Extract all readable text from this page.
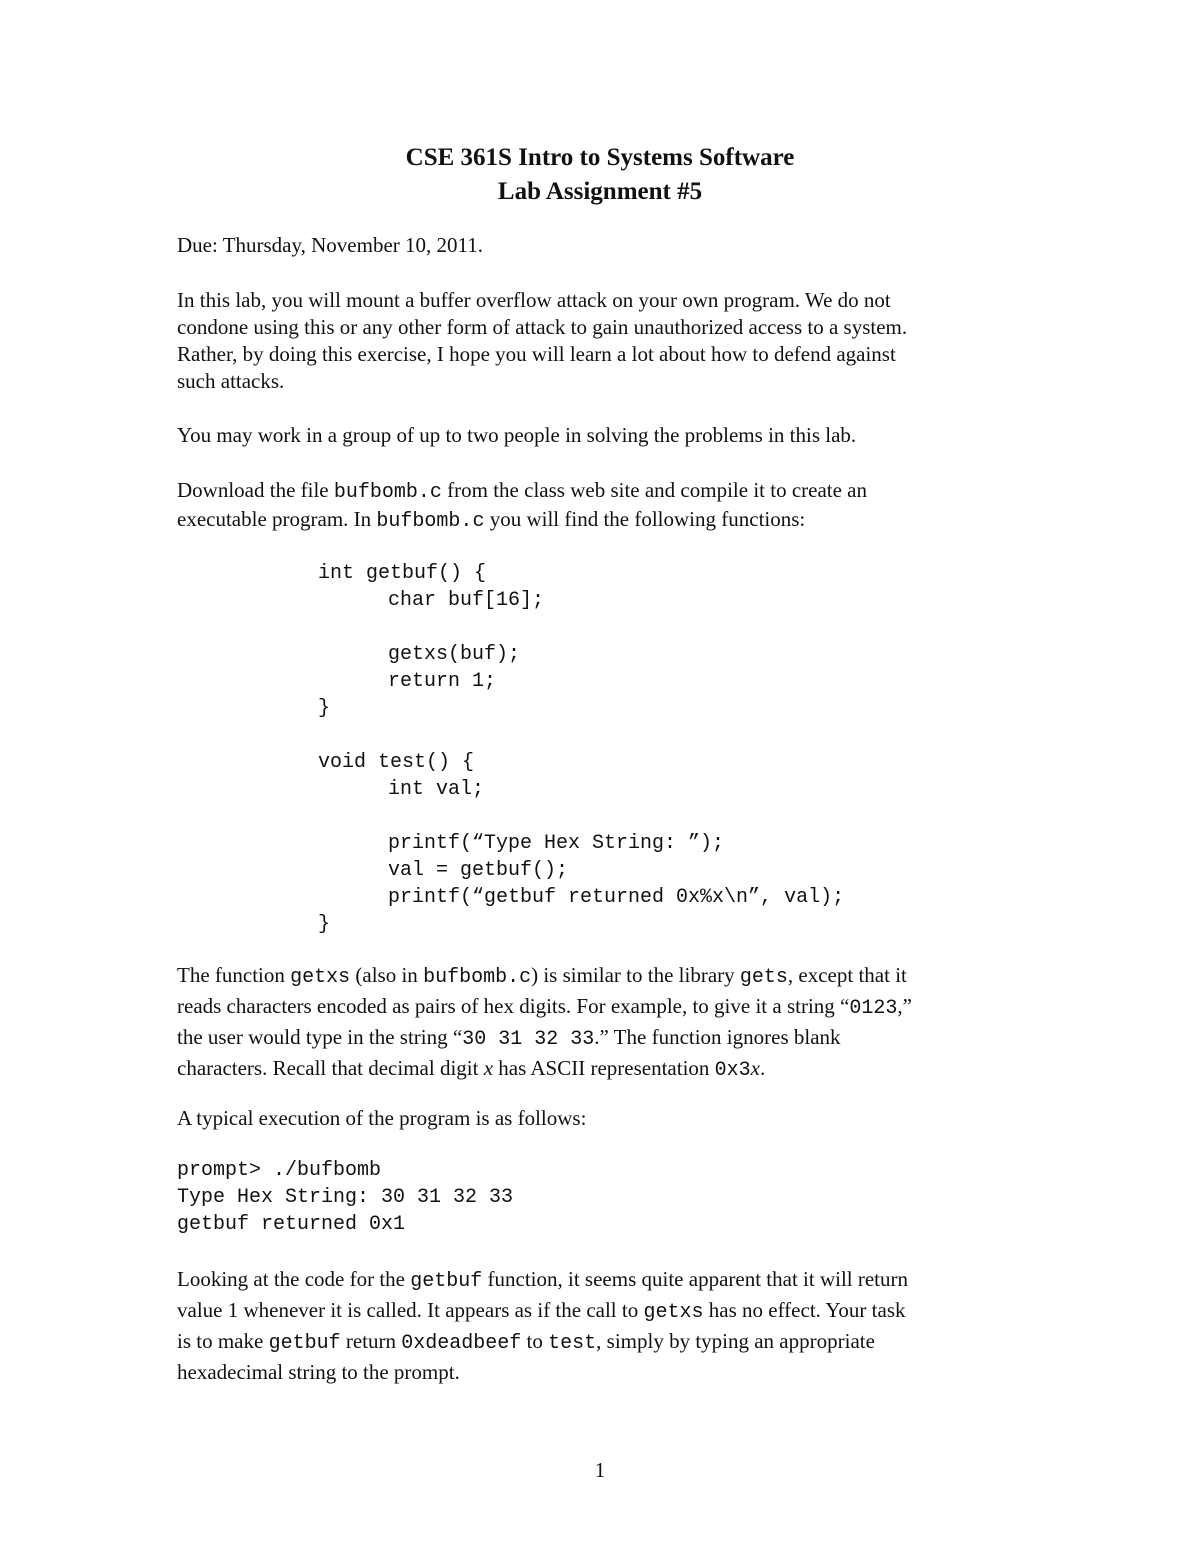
CSE 361S Intro to Systems Software
Lab Assignment #5

Due: Thursday, November 10, 2011.

In this lab, you will mount a buffer overflow attack on your own program. We do not
condone using this or any other form of attack to gain unauthorized access to a system.
Rather, by doing this exercise, I hope you will learn a lot about how to defend against
such attacks.

You may work in a group of up to two people in solving the problems in this lab.

Download the file bufbomb.c from the class web site and compile it to create an
executable program. In bufbomb.c you will find the following functions:

int getbuf() {
char buf[16];

getxs(buf);
return 1;
}

void test() {
int val;

printf(“Type Hex String: ”);
val = getbuf();
printf(“getbuf returned 0x%x\n”, val);
}

The function getxs (also in bufbomb.c) is similar to the library gets, except that it
reads characters encoded as pairs of hex digits. For example, to give it a string “0123,”
the user would type in the string “30 31 32 33.” The function ignores blank
characters. Recall that decimal digit x has ASCII representation 0x3x.

A typical execution of the program is as follows:

prompt> ./bufbomb
Type Hex String: 30 31 32 33
getbuf returned 0x1

Looking at the code for the getbuf function, it seems quite apparent that it will return
value 1 whenever it is called. It appears as if the call to getxs has no effect. Your task
is to make getbuf return 0xdeadbeef to test, simply by typing an appropriate
hexadecimal string to the prompt.

1
